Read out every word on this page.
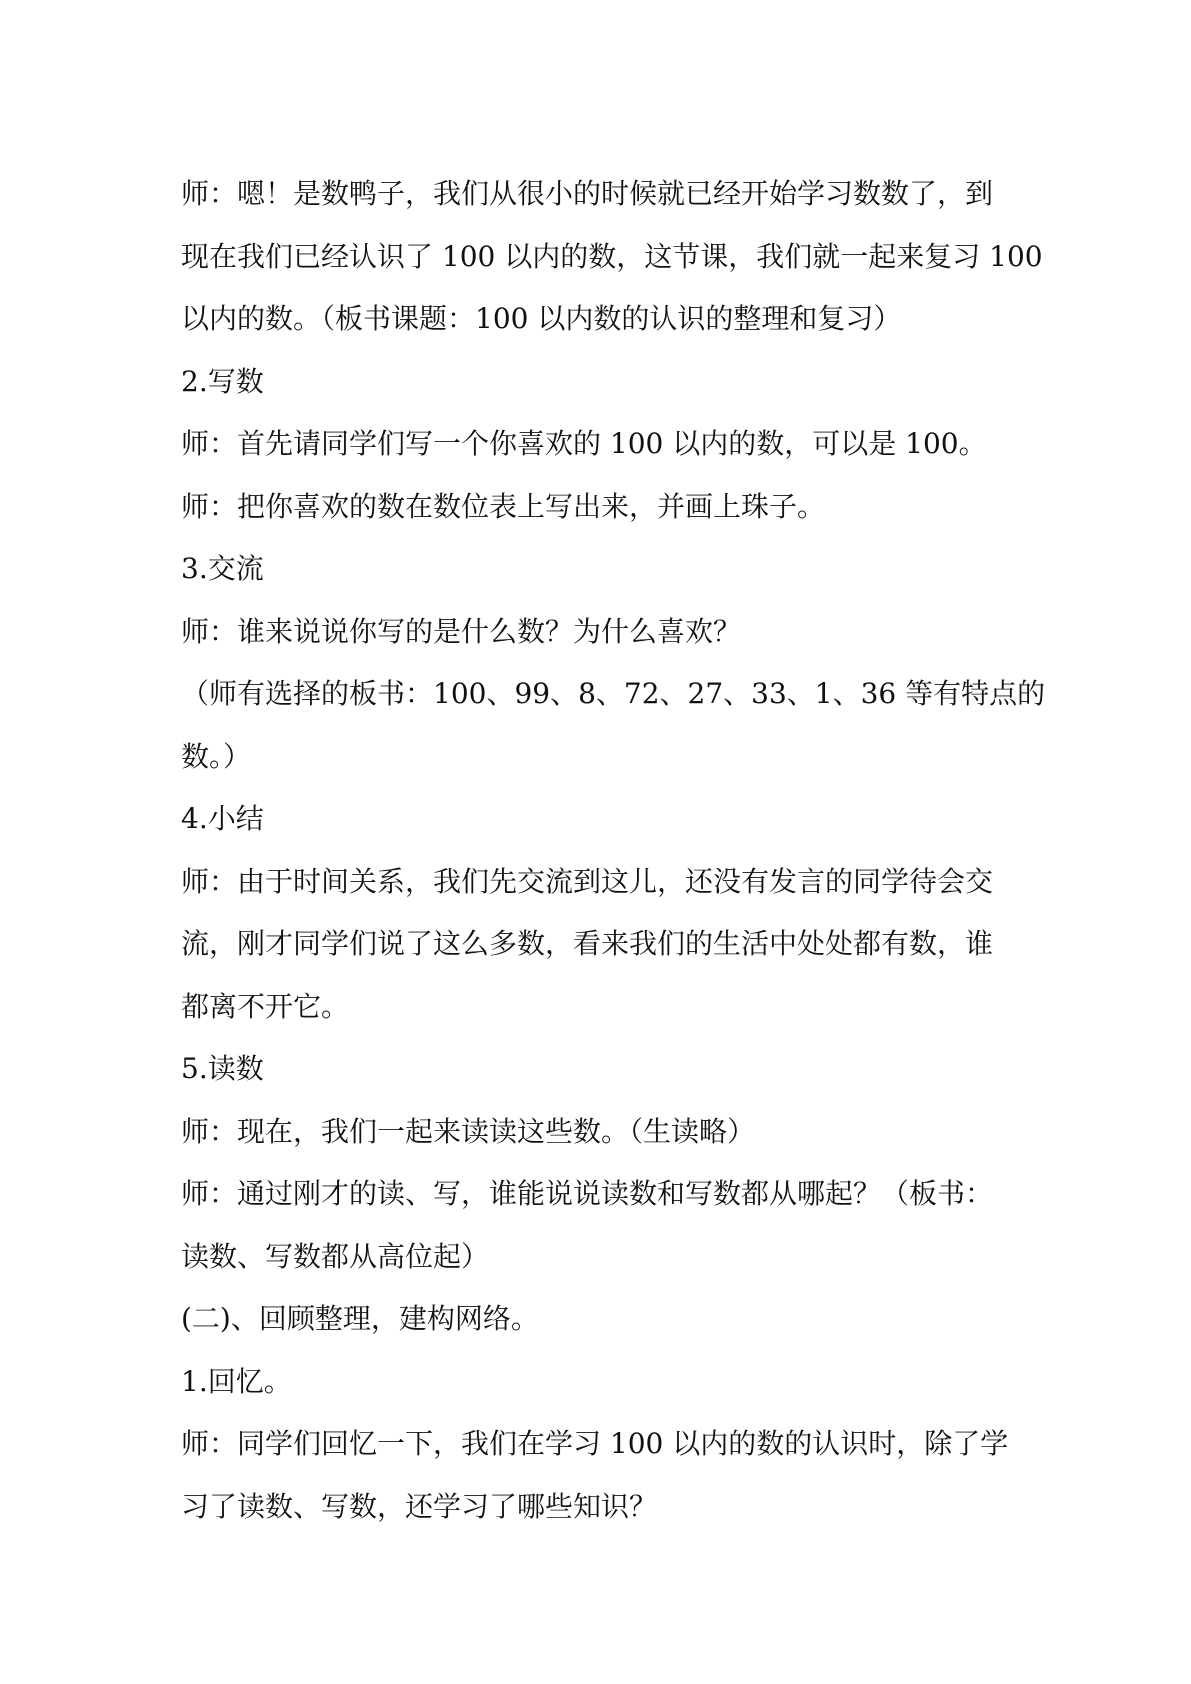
师：嗯！是数鸭子，我们从很小的时候就已经开始学习数数了，到
现在我们已经认识了 100 以内的数，这节课，我们就一起来复习 100
以内的数。（板书课题：100 以内数的认识的整理和复习）
2.写数
师：首先请同学们写一个你喜欢的 100 以内的数，可以是 100。
师：把你喜欢的数在数位表上写出来，并画上珠子。
3.交流
师：谁来说说你写的是什么数？为什么喜欢？
（师有选择的板书：100、99、8、72、27、33、1、36 等有特点的
数。）
4.小结
师：由于时间关系，我们先交流到这儿，还没有发言的同学待会交
流，刚才同学们说了这么多数，看来我们的生活中处处都有数，谁
都离不开它。
5.读数
师：现在，我们一起来读读这些数。（生读略）
师：通过刚才的读、写，谁能说说读数和写数都从哪起？（板书：
读数、写数都从高位起）
(二)、回顾整理，建构网络。
1.回忆。
师：同学们回忆一下，我们在学习 100 以内的数的认识时，除了学
习了读数、写数，还学习了哪些知识？
